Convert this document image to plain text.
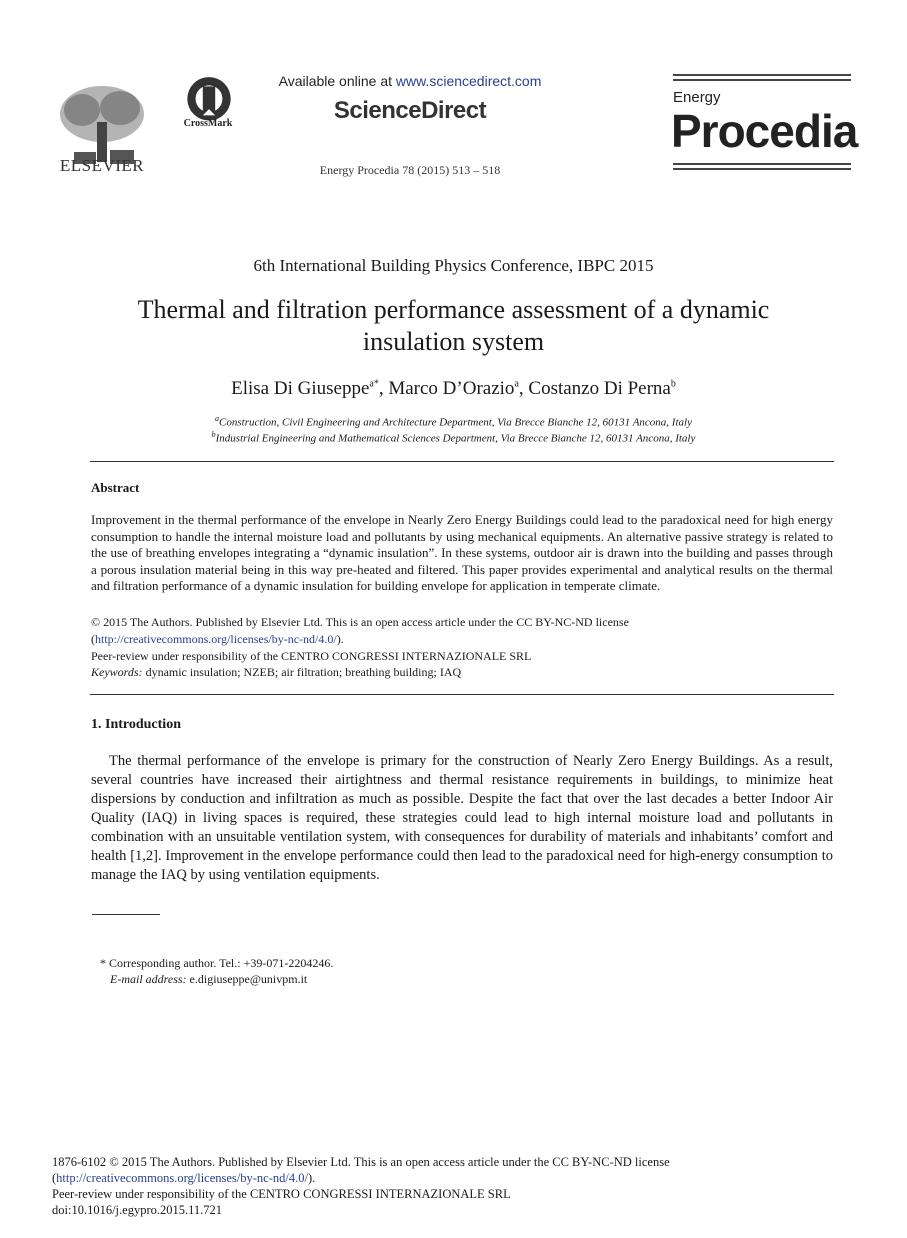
ELSEVIER
CrossMark
Available online at www.sciencedirect.com
ScienceDirect
Energy Procedia 78 (2015) 513 – 518
Energy
Procedia
6th International Building Physics Conference, IBPC 2015
Thermal and filtration performance assessment of a dynamic insulation system
Elisa Di Giuseppe$^{a*}$, Marco D’Orazio$^a$, Costanzo Di Perna$^b$
$^a$Construction, Civil Engineering and Architecture Department, Via Brecce Bianche 12, 60131 Ancona, Italy
$^b$Industrial Engineering and Mathematical Sciences Department, Via Brecce Bianche 12, 60131 Ancona, Italy
Abstract
Improvement in the thermal performance of the envelope in Nearly Zero Energy Buildings could lead to the paradoxical need for high energy consumption to handle the internal moisture load and pollutants by using mechanical equipments. An alternative passive strategy is related to the use of breathing envelopes integrating a “dynamic insulation”. In these systems, outdoor air is drawn into the building and passes through a porous insulation material being in this way pre-heated and filtered. This paper provides experimental and analytical results on the thermal and filtration performance of a dynamic insulation for building envelope for application in temperate climate.
© 2015 The Authors. Published by Elsevier Ltd. This is an open access article under the CC BY-NC-ND license
(http://creativecommons.org/licenses/by-nc-nd/4.0/).
Peer-review under responsibility of the CENTRO CONGRESSI INTERNAZIONALE SRL
Keywords: dynamic insulation; NZEB; air filtration; breathing building; IAQ
1. Introduction
The thermal performance of the envelope is primary for the construction of Nearly Zero Energy Buildings. As a result, several countries have increased their airtightness and thermal resistance requirements in buildings, to minimize heat dispersions by conduction and infiltration as much as possible. Despite the fact that over the last decades a better Indoor Air Quality (IAQ) in living spaces is required, these strategies could lead to high internal moisture load and pollutants in combination with an unsuitable ventilation system, with consequences for durability of materials and inhabitants’ comfort and health [1,2]. Improvement in the envelope performance could then lead to the paradoxical need for high-energy consumption to manage the IAQ by using ventilation equipments.
* Corresponding author. Tel.: +39-071-2204246.
E-mail address: e.digiuseppe@univpm.it
1876-6102 © 2015 The Authors. Published by Elsevier Ltd. This is an open access article under the CC BY-NC-ND license
(http://creativecommons.org/licenses/by-nc-nd/4.0/).
Peer-review under responsibility of the CENTRO CONGRESSI INTERNAZIONALE SRL
doi:10.1016/j.egypro.2015.11.721
